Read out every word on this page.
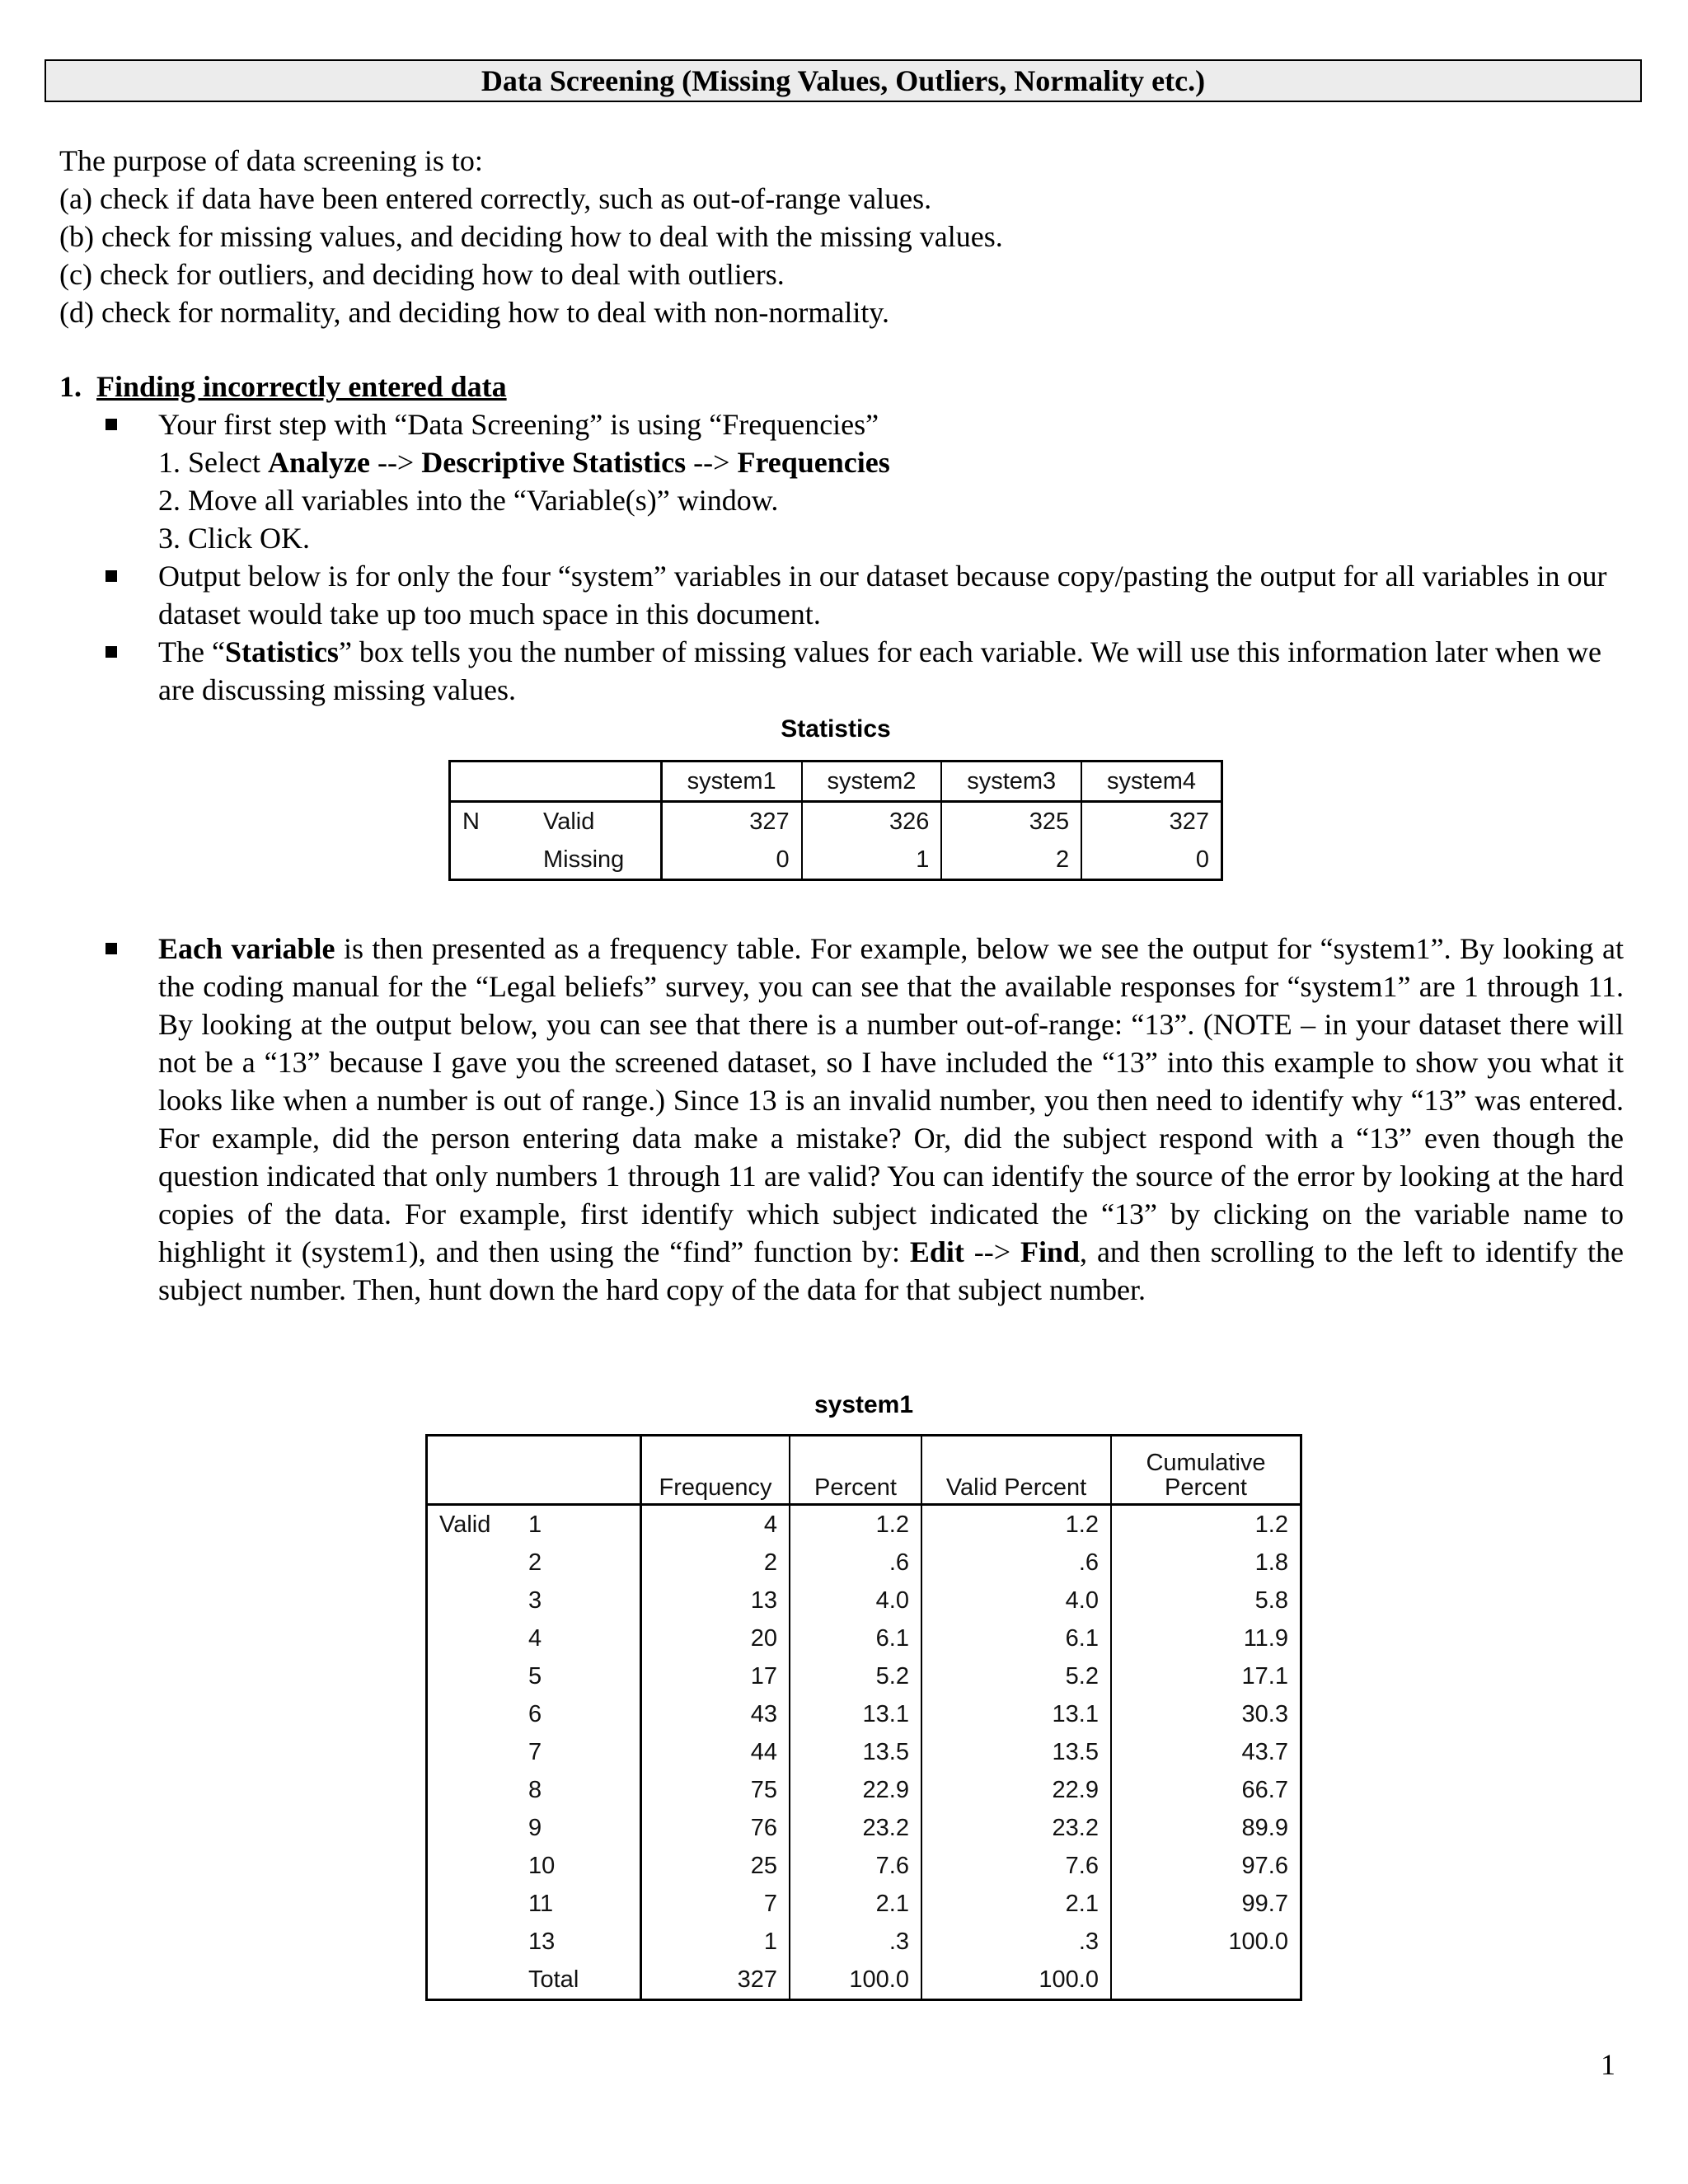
Data Screening (Missing Values, Outliers, Normality etc.)

The purpose of data screening is to:

(a) check if data have been entered correctly, such as out-of-range values.

(b) check for missing values, and deciding how to deal with the missing values.

(c) check for outliers, and deciding how to deal with outliers.

(d) check for normality, and deciding how to deal with non-normality.

1.  Finding incorrectly entered data

Your first step with “Data Screening” is using “Frequencies”

1. Select Analyze --> Descriptive Statistics --> Frequencies

2. Move all variables into the “Variable(s)” window.

3. Click OK.

Output below is for only the four “system” variables in our dataset because copy/pasting the output for all variables in our dataset would take up too much space in this document.

The “Statistics” box tells you the number of missing values for each variable. We will use this information later when we are discussing missing values.

Statistics
		system1	system2	system3	system4
N	Valid	327	326	325	327
	Missing	0	1	2	0
Each variable is then presented as a frequency table. For example, below we see the output for “system1”. By looking at the coding manual for the “Legal beliefs” survey, you can see that the available responses for “system1” are 1 through 11. By looking at the output below, you can see that there is a number out-of-range: “13”. (NOTE – in your dataset there will not be a “13” because I gave you the screened dataset, so I have included the “13” into this example to show you what it looks like when a number is out of range.) Since 13 is an invalid number, you then need to identify why “13” was entered. For example, did the person entering data make a mistake? Or, did the subject respond with a “13” even though the question indicated that only numbers 1 through 11 are valid? You can identify the source of the error by looking at the hard copies of the data. For example, first identify which subject indicated the “13” by clicking on the variable name to highlight it (system1), and then using the “find” function by: Edit --> Find, and then scrolling to the left to identify the subject number. Then, hunt down the hard copy of the data for that subject number.
system1
		Frequency	Percent	Valid Percent	Cumulative Percent
Valid	1	4	1.2	1.2	1.2
	2	2	.6	.6	1.8
	3	13	4.0	4.0	5.8
	4	20	6.1	6.1	11.9
	5	17	5.2	5.2	17.1
	6	43	13.1	13.1	30.3
	7	44	13.5	13.5	43.7
	8	75	22.9	22.9	66.7
	9	76	23.2	23.2	89.9
	10	25	7.6	7.6	97.6
	11	7	2.1	2.1	99.7
	13	1	.3	.3	100.0
	Total	327	100.0	100.0	
1
